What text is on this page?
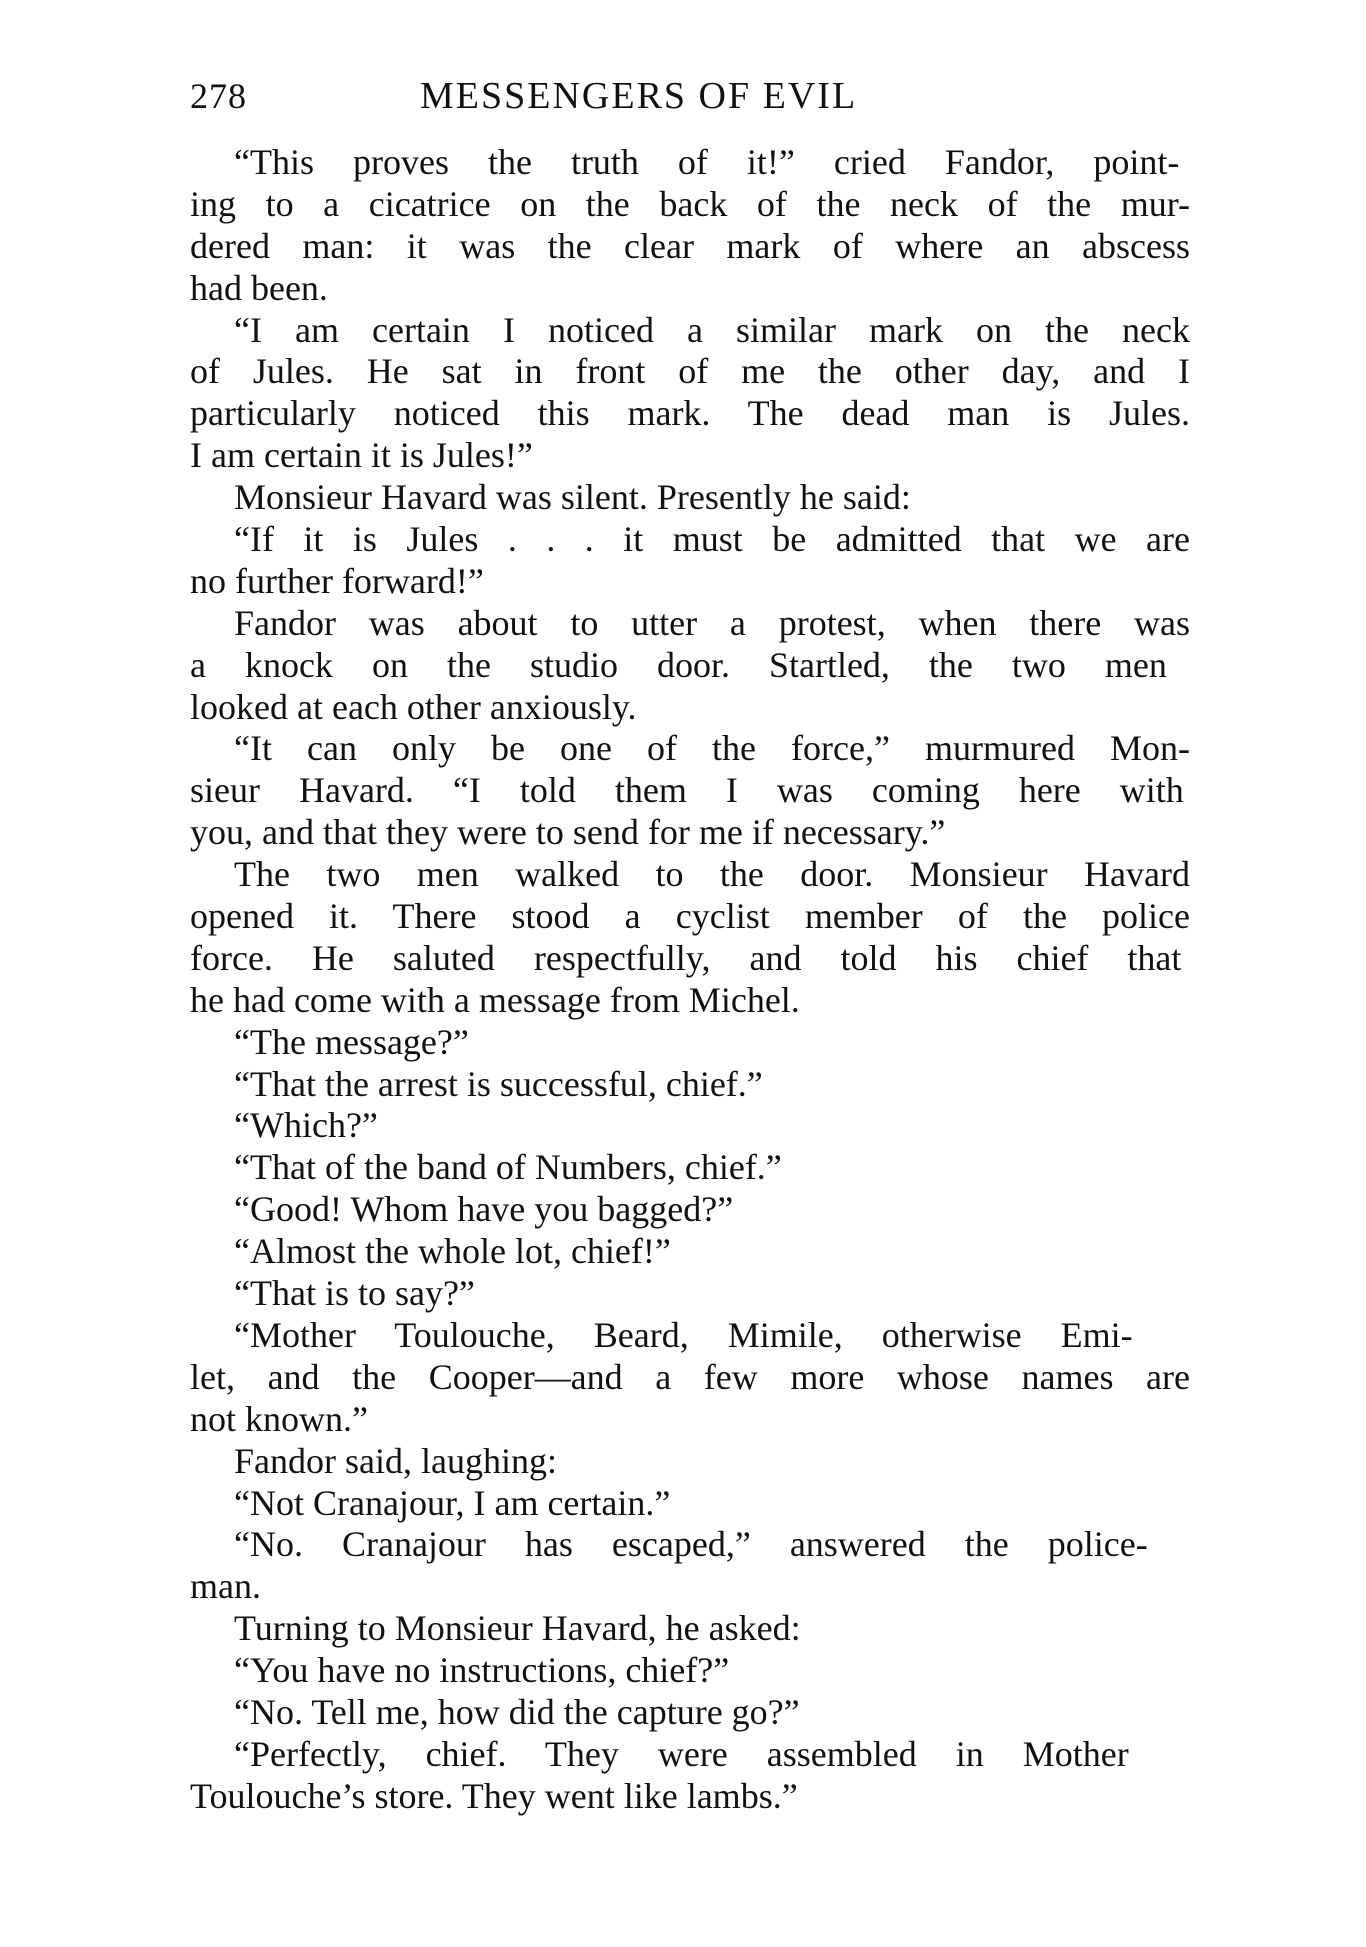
278	MESSENGERS OF EVIL
“This proves the truth of it!” cried Fandor, point-
ing to a cicatrice on the back of the neck of the mur-
dered man: it was the clear mark of where an abscess
had been.
“I am certain I noticed a similar mark on the neck
of Jules. He sat in front of me the other day, and I
particularly noticed this mark. The dead man is Jules.
I am certain it is Jules!”
Monsieur Havard was silent. Presently he said:
“If it is Jules . . . it must be admitted that we are
no further forward!”
Fandor was about to utter a protest, when there was
a knock on the studio door. Startled, the two men
looked at each other anxiously.
“It can only be one of the force,” murmured Mon-
sieur Havard. “I told them I was coming here with
you, and that they were to send for me if necessary.”
The two men walked to the door. Monsieur Havard
opened it. There stood a cyclist member of the police
force. He saluted respectfully, and told his chief that
he had come with a message from Michel.
“The message?”
“That the arrest is successful, chief.”
“Which?”
“That of the band of Numbers, chief.”
“Good! Whom have you bagged?”
“Almost the whole lot, chief!”
“That is to say?”
“Mother Toulouche, Beard, Mimile, otherwise Emi-
let, and the Cooper—and a few more whose names are
not known.”
Fandor said, laughing:
“Not Cranajour, I am certain.”
“No. Cranajour has escaped,” answered the police-
man.
Turning to Monsieur Havard, he asked:
“You have no instructions, chief?”
“No. Tell me, how did the capture go?”
“Perfectly, chief. They were assembled in Mother
Toulouche’s store. They went like lambs.”
